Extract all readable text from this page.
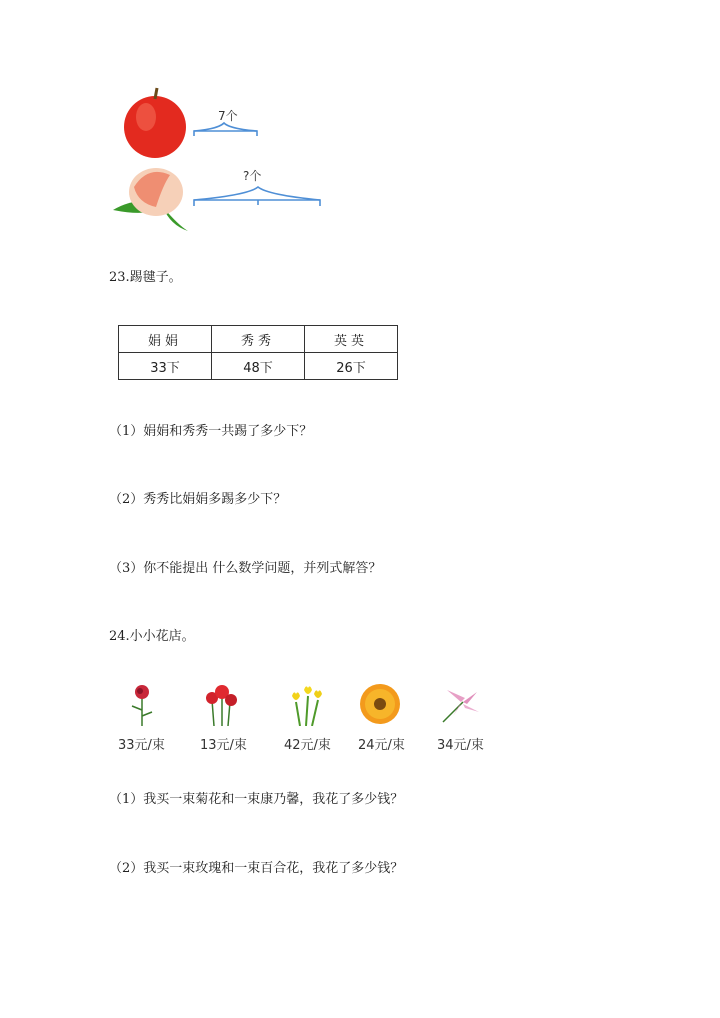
7个
?个
23.踢毽子。
娟娟	秀秀	英英
33下	48下	26下
（1）娟娟和秀秀一共踢了多少下？
（2）秀秀比娟娟多踢多少下？
（3）你不能提出 什么数学问题，并列式解答？
24.小小花店。
33元/束	13元/束	42元/束 24元/束 34元/束
（1）我买一束菊花和一束康乃馨，我花了多少钱？
（2）我买一束玫瑰和一束百合花，我花了多少钱？
